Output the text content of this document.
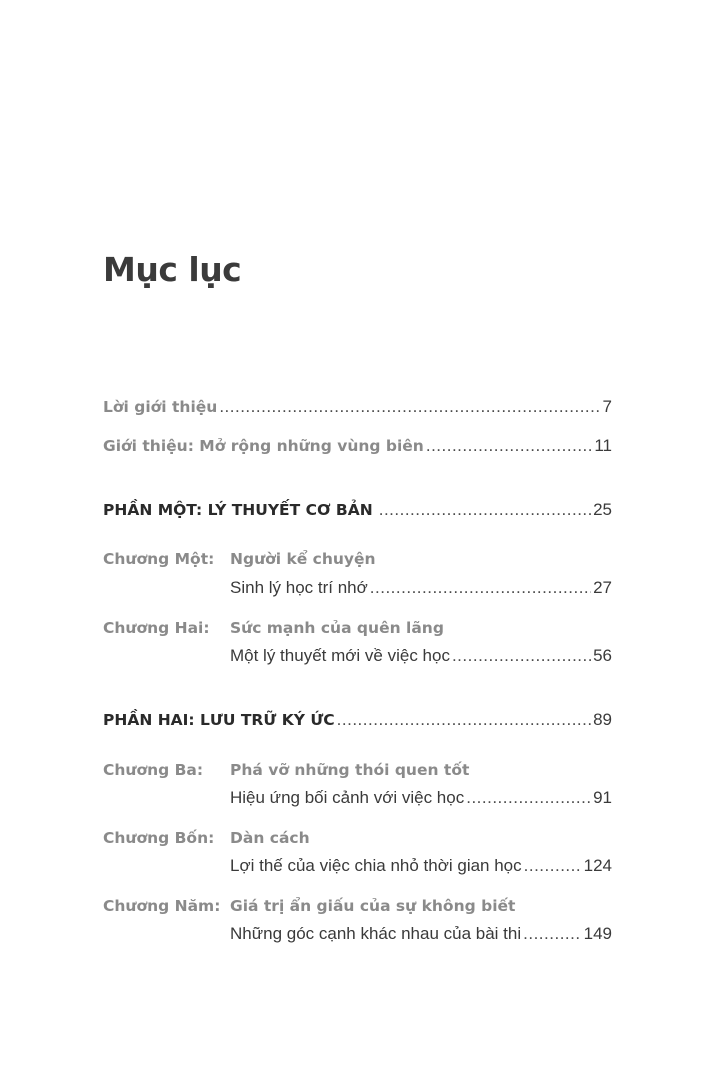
Mục lục
Lời giới thiệu .....	7
Giới thiệu: Mở rộng những vùng biên .....	11
PHẦN MỘT: LÝ THUYẾT CƠ BẢN .....	25
Chương Một: Người kể chuyện
Sinh lý học trí nhớ .....	27
Chương Hai: Sức mạnh của quên lãng
Một lý thuyết mới về việc học .....	56
PHẦN HAI: LƯU TRỮ KÝ ỨC .....	89
Chương Ba: Phá vỡ những thói quen tốt
Hiệu ứng bối cảnh với việc học .....	91
Chương Bốn: Dàn cách
Lợi thế của việc chia nhỏ thời gian học .....	124
Chương Năm: Giá trị ẩn giấu của sự không biết
Những góc cạnh khác nhau của bài thi .....	149
